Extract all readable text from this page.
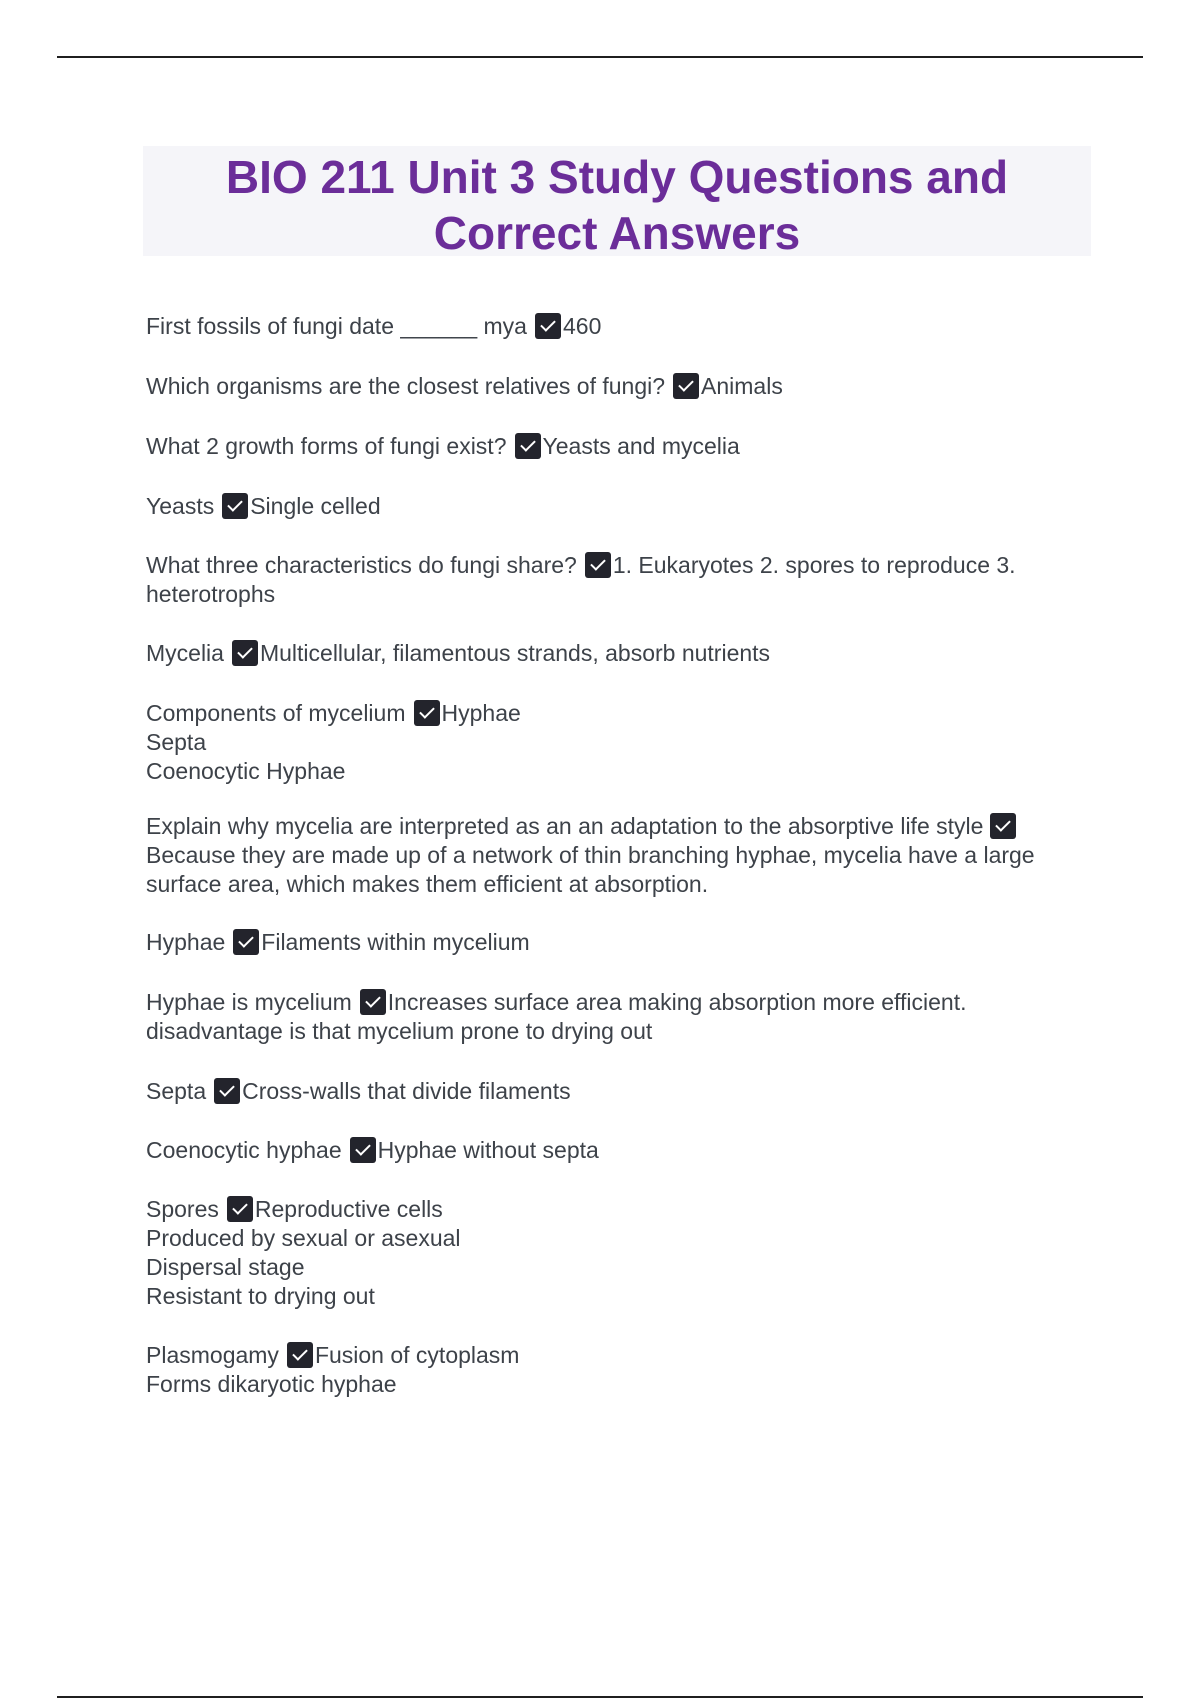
BIO 211 Unit 3 Study Questions and Correct Answers
First fossils of fungi date ______ mya 460
Which organisms are the closest relatives of fungi? Animals
What 2 growth forms of fungi exist? Yeasts and mycelia
Yeasts Single celled
What three characteristics do fungi share? 1. Eukaryotes 2. spores to reproduce 3. heterotrophs
Mycelia Multicellular, filamentous strands, absorb nutrients
Components of mycelium Hyphae
Septa
Coenocytic Hyphae
Explain why mycelia are interpreted as an an adaptation to the absorptive life style Because they are made up of a network of thin branching hyphae, mycelia have a large surface area, which makes them efficient at absorption.
Hyphae Filaments within mycelium
Hyphae is mycelium Increases surface area making absorption more efficient.
disadvantage is that mycelium prone to drying out
Septa Cross-walls that divide filaments
Coenocytic hyphae Hyphae without septa
Spores Reproductive cells
Produced by sexual or asexual
Dispersal stage
Resistant to drying out
Plasmogamy Fusion of cytoplasm
Forms dikaryotic hyphae
